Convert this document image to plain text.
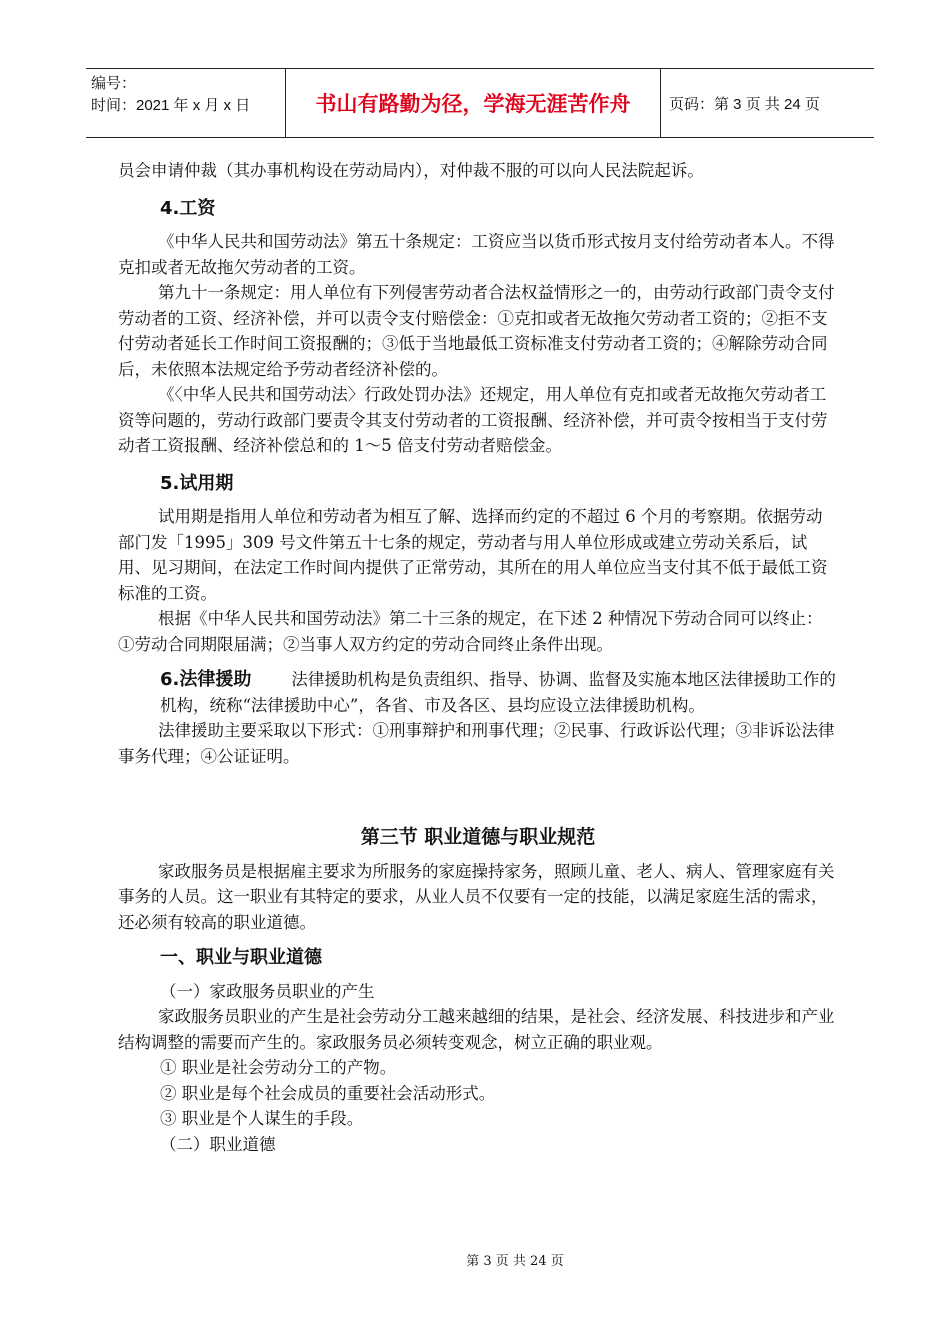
编号：
时间：2021 年 x 月 x 日	书山有路勤为径，学海无涯苦作舟	页码：第 3 页 共 24 页

员会申请仲裁（其办事机构设在劳动局内），对仲裁不服的可以向人民法院起诉。

4.工资

《中华人民共和国劳动法》第五十条规定：工资应当以货币形式按月支付给劳动者本人。不得克扣或者无故拖欠劳动者的工资。

第九十一条规定：用人单位有下列侵害劳动者合法权益情形之一的，由劳动行政部门责令支付劳动者的工资、经济补偿，并可以责令支付赔偿金：①克扣或者无故拖欠劳动者工资的；②拒不支付劳动者延长工作时间工资报酬的；③低于当地最低工资标准支付劳动者工资的；④解除劳动合同后，未依照本法规定给予劳动者经济补偿的。

《〈中华人民共和国劳动法〉行政处罚办法》还规定，用人单位有克扣或者无故拖欠劳动者工资等问题的，劳动行政部门要责令其支付劳动者的工资报酬、经济补偿，并可责令按相当于支付劳动者工资报酬、经济补偿总和的 1～5 倍支付劳动者赔偿金。

5.试用期

试用期是指用人单位和劳动者为相互了解、选择而约定的不超过 6 个月的考察期。依据劳动部门发「1995」309 号文件第五十七条的规定，劳动者与用人单位形成或建立劳动关系后，试用、见习期间，在法定工作时间内提供了正常劳动，其所在的用人单位应当支付其不低于最低工资标准的工资。

根据《中华人民共和国劳动法》第二十三条的规定，在下述 2 种情况下劳动合同可以终止：①劳动合同期限届满；②当事人双方约定的劳动合同终止条件出现。

6.法律援助 法律援助机构是负责组织、指导、协调、监督及实施本地区法律援助工作的机构，统称“法律援助中心”，各省、市及各区、县均应设立法律援助机构。

法律援助主要采取以下形式：①刑事辩护和刑事代理；②民事、行政诉讼代理；③非诉讼法律事务代理；④公证证明。

第三节 职业道德与职业规范

家政服务员是根据雇主要求为所服务的家庭操持家务，照顾儿童、老人、病人、管理家庭有关事务的人员。这一职业有其特定的要求，从业人员不仅要有一定的技能，以满足家庭生活的需求，还必须有较高的职业道德。

一、职业与职业道德

（一）家政服务员职业的产生

家政服务员职业的产生是社会劳动分工越来越细的结果，是社会、经济发展、科技进步和产业结构调整的需要而产生的。家政服务员必须转变观念，树立正确的职业观。

① 职业是社会劳动分工的产物。

② 职业是每个社会成员的重要社会活动形式。

③ 职业是个人谋生的手段。

（二）职业道德

第 3 页 共 24 页
